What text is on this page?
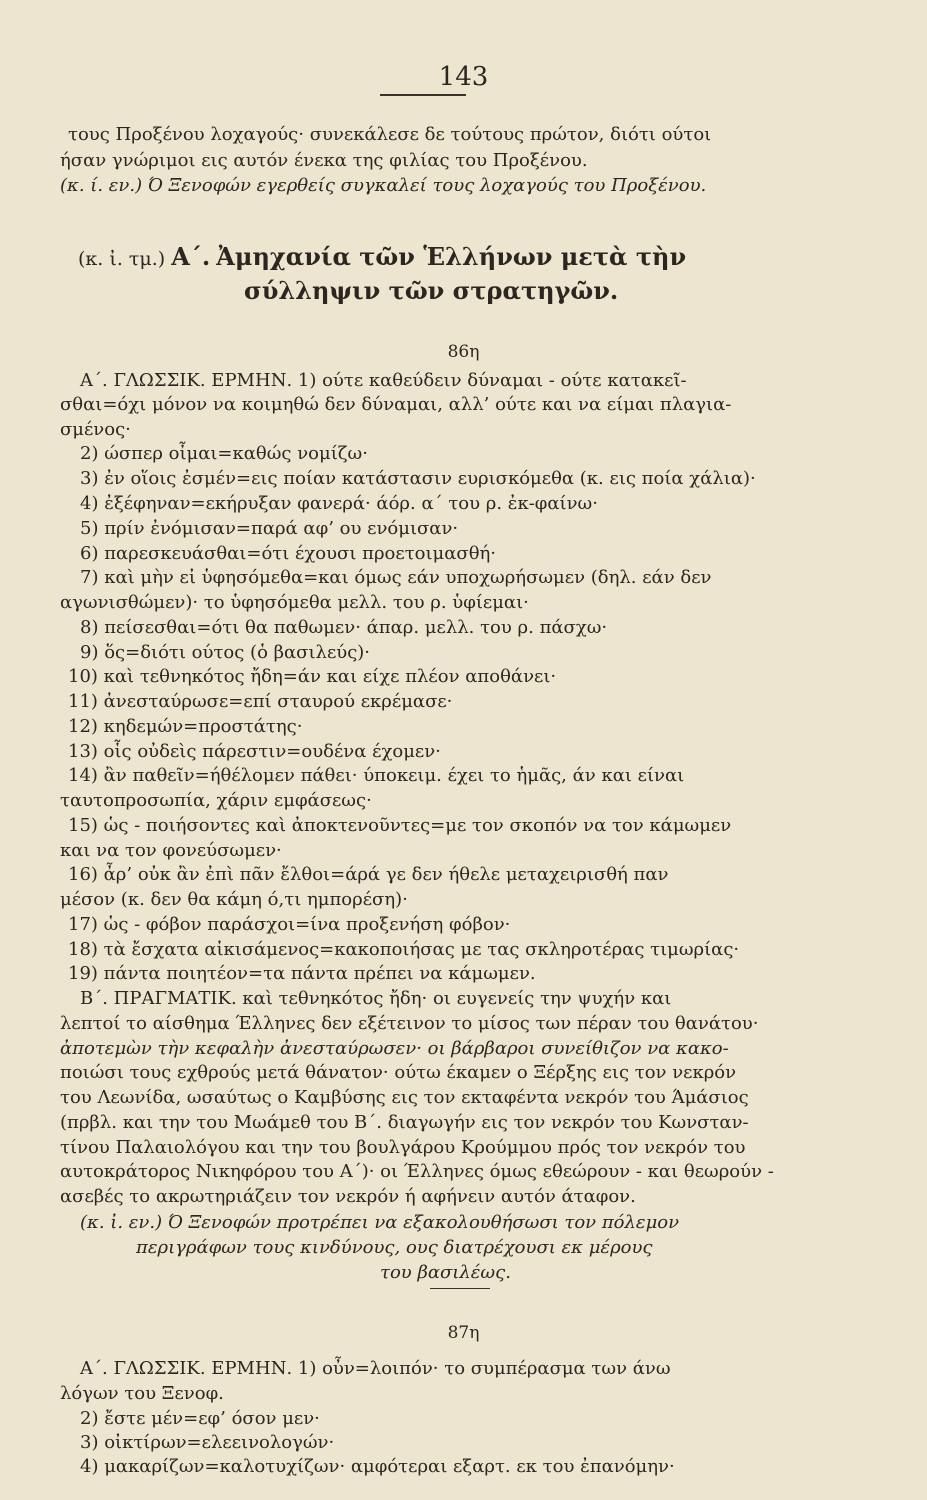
143
τους Προξένου λοχαγούς· συνεκάλεσε δε τούτους πρώτον, διότι ούτοι
ήσαν γνώριμοι εις αυτόν ένεκα της φιλίας του Προξένου.
(κ. ί. εν.) Ό Ξενοφών εγερθείς συγκαλεί τους λοχαγούς του Προξένου.
(κ. ἰ. τμ.) Α΄. Ἀμηχανία τῶν Ἑλλήνων μετὰ τὴν
σύλληψιν τῶν στρατηγῶν.
86η
Α΄. ΓΛΩΣΣΙΚ. ΕΡΜΗΝ. 1) ούτε καθεύδειν δύναμαι - ούτε κατακεῖ-
σθαι=όχι μόνον να κοιμηθώ δεν δύναμαι, αλλ’ ούτε και να είμαι πλαγια-
σμένος·
2) ώσπερ οἶμαι=καθώς νομίζω·
3) ἐν οἵοις ἐσμέν=εις ποίαν κατάστασιν ευρισκόμεθα (κ. εις ποία χάλια)·
4) ἐξέφηναν=εκήρυξαν φανερά· άόρ. α΄ του ρ. ἐκ-φαίνω·
5) πρίν ἐνόμισαν=παρά αφ’ ου ενόμισαν·
6) παρεσκευάσθαι=ότι έχουσι προετοιμασθή·
7) καὶ μὴν εἰ ὑφησόμεθα=και όμως εάν υποχωρήσωμεν (δηλ. εάν δεν
αγωνισθώμεν)· το ὑφησόμεθα μελλ. του ρ. ὑφίεμαι·
8) πείσεσθαι=ότι θα παθωμεν· άπαρ. μελλ. του ρ. πάσχω·
9) ὅς=διότι ούτος (ὁ βασιλεύς)·
10) καὶ τεθνηκότος ἤδη=άν και είχε πλέον αποθάνει·
11) ἀνεσταύρωσε=επί σταυρού εκρέμασε·
12) κηδεμών=προστάτης·
13) οἷς οὐδεὶς πάρεστιν=ουδένα έχομεν·
14) ἂν παθεῖν=ήθέλομεν πάθει· ύποκειμ. έχει το ἡμᾶς, άν και είναι
ταυτοπροσωπία, χάριν εμφάσεως·
15) ὡς - ποιήσοντες καὶ ἀποκτενοῦντες=με τον σκοπόν να τον κάμωμεν
και να τον φονεύσωμεν·
16) ἆρ’ οὐκ ἂν ἐπὶ πᾶν ἔλθοι=άρά γε δεν ήθελε μεταχειρισθή παν
μέσον (κ. δεν θα κάμη ό,τι ημπορέση)·
17) ὡς - φόβον παράσχοι=ίνα προξενήση φόβον·
18) τὰ ἔσχατα αἰκισάμενος=κακοποιήσας με τας σκληροτέρας τιμωρίας·
19) πάντα ποιητέον=τα πάντα πρέπει να κάμωμεν.
Β΄. ΠΡΑΓΜΑΤΙΚ. καὶ τεθνηκότος ἤδη· οι ευγενείς την ψυχήν και
λεπτοί το αίσθημα Έλληνες δεν εξέτεινον το μίσος των πέραν του θανάτου·
ἀποτεμὼν τὴν κεφαλὴν ἀνεσταύρωσεν· οι βάρβαροι συνείθιζον να κακο-
ποιώσι τους εχθρούς μετά θάνατον· ούτω έκαμεν ο Ξέρξης εις τον νεκρόν
του Λεωνίδα, ωσαύτως ο Καμβύσης εις τον εκταφέντα νεκρόν του Άμάσιος
(πρβλ. και την του Μωάμεθ του Β΄. διαγωγήν εις τον νεκρόν του Κωνσταν-
τίνου Παλαιολόγου και την του βουλγάρου Κρούμμου πρός τον νεκρόν του
αυτοκράτορος Νικηφόρου του Α΄)· οι Έλληνες όμως εθεώρουν - και θεωρούν -
ασεβές το ακρωτηριάζειν τον νεκρόν ή αφήνειν αυτόν άταφον.
(κ. ἰ. εν.) Ό Ξενοφών προτρέπει να εξακολουθήσωσι τον πόλεμον
περιγράφων τους κινδύνους, ους διατρέχουσι εκ μέρους
του βασιλέως.
87η
Α΄. ΓΛΩΣΣΙΚ. ΕΡΜΗΝ. 1) οὖν=λοιπόν· το συμπέρασμα των άνω
λόγων του Ξενοφ.
2) ἔστε μέν=εφ’ όσον μεν·
3) οἰκτίρων=ελεεινολογών·
4) μακαρίζων=καλοτυχίζων· αμφότεραι εξαρτ. εκ του ἐπανόμην·
